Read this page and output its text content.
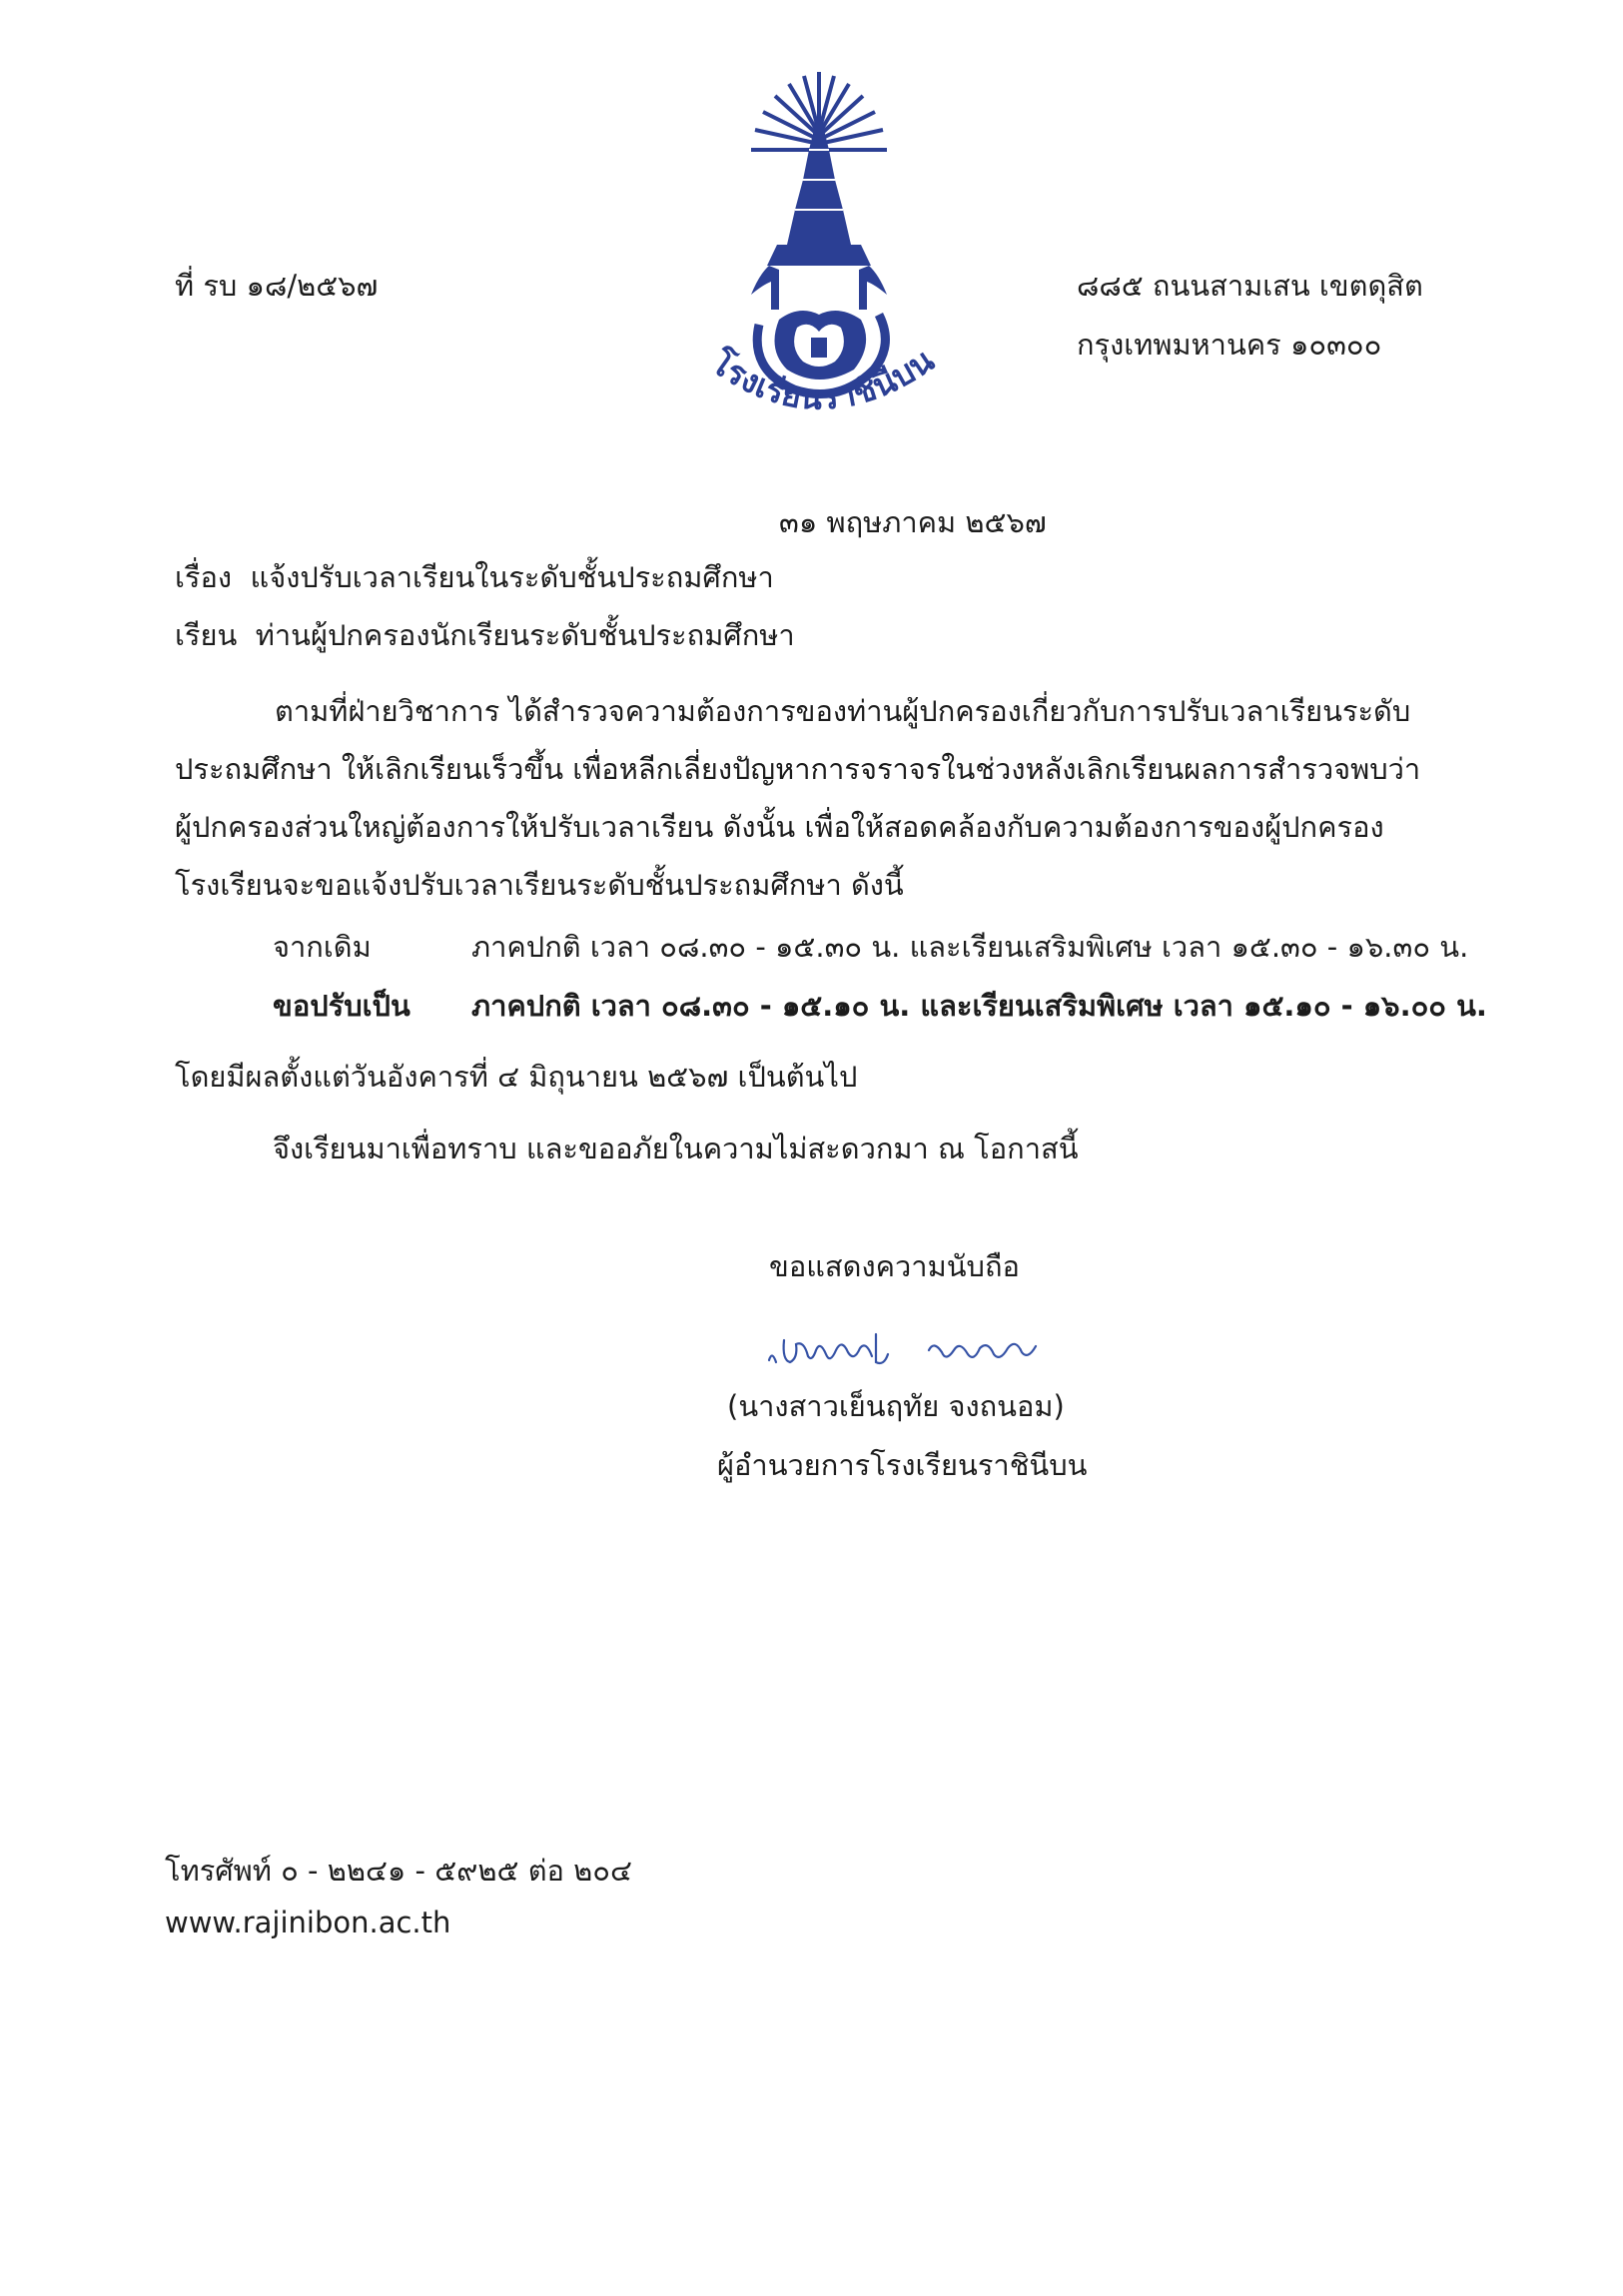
โรงเรียนราชินีบน
ที่ รบ ๑๘/๒๕๖๗	๘๘๕ ถนนสามเสน เขตดุสิต
กรุงเทพมหานคร ๑๐๓๐๐
๓๑ พฤษภาคม ๒๕๖๗
เรื่อง แจ้งปรับเวลาเรียนในระดับชั้นประถมศึกษา
เรียน ท่านผู้ปกครองนักเรียนระดับชั้นประถมศึกษา
ตามที่ฝ่ายวิชาการ ได้สำรวจความต้องการของท่านผู้ปกครองเกี่ยวกับการปรับเวลาเรียนระดับประถมศึกษา ให้เลิกเรียนเร็วขึ้น เพื่อหลีกเลี่ยงปัญหาการจราจรในช่วงหลังเลิกเรียนผลการสำรวจพบว่า ผู้ปกครองส่วนใหญ่ต้องการให้ปรับเวลาเรียน ดังนั้น เพื่อให้สอดคล้องกับความต้องการของผู้ปกครอง โรงเรียนจะขอแจ้งปรับเวลาเรียนระดับชั้นประถมศึกษา ดังนี้
จากเดิม	ภาคปกติ เวลา ๐๘.๓๐ - ๑๕.๓๐ น. และเรียนเสริมพิเศษ เวลา ๑๕.๓๐ - ๑๖.๓๐ น.
ขอปรับเป็น ภาคปกติ เวลา ๐๘.๓๐ - ๑๕.๑๐ น. และเรียนเสริมพิเศษ เวลา ๑๕.๑๐ - ๑๖.๐๐ น.
โดยมีผลตั้งแต่วันอังคารที่ ๔ มิถุนายน ๒๕๖๗ เป็นต้นไป
จึงเรียนมาเพื่อทราบ และขออภัยในความไม่สะดวกมา ณ โอกาสนี้
ขอแสดงความนับถือ
(นางสาวเย็นฤทัย จงถนอม)
ผู้อำนวยการโรงเรียนราชินีบน
โทรศัพท์ ๐ - ๒๒๔๑ - ๕๙๒๕ ต่อ ๒๐๔
www.rajinibon.ac.th
